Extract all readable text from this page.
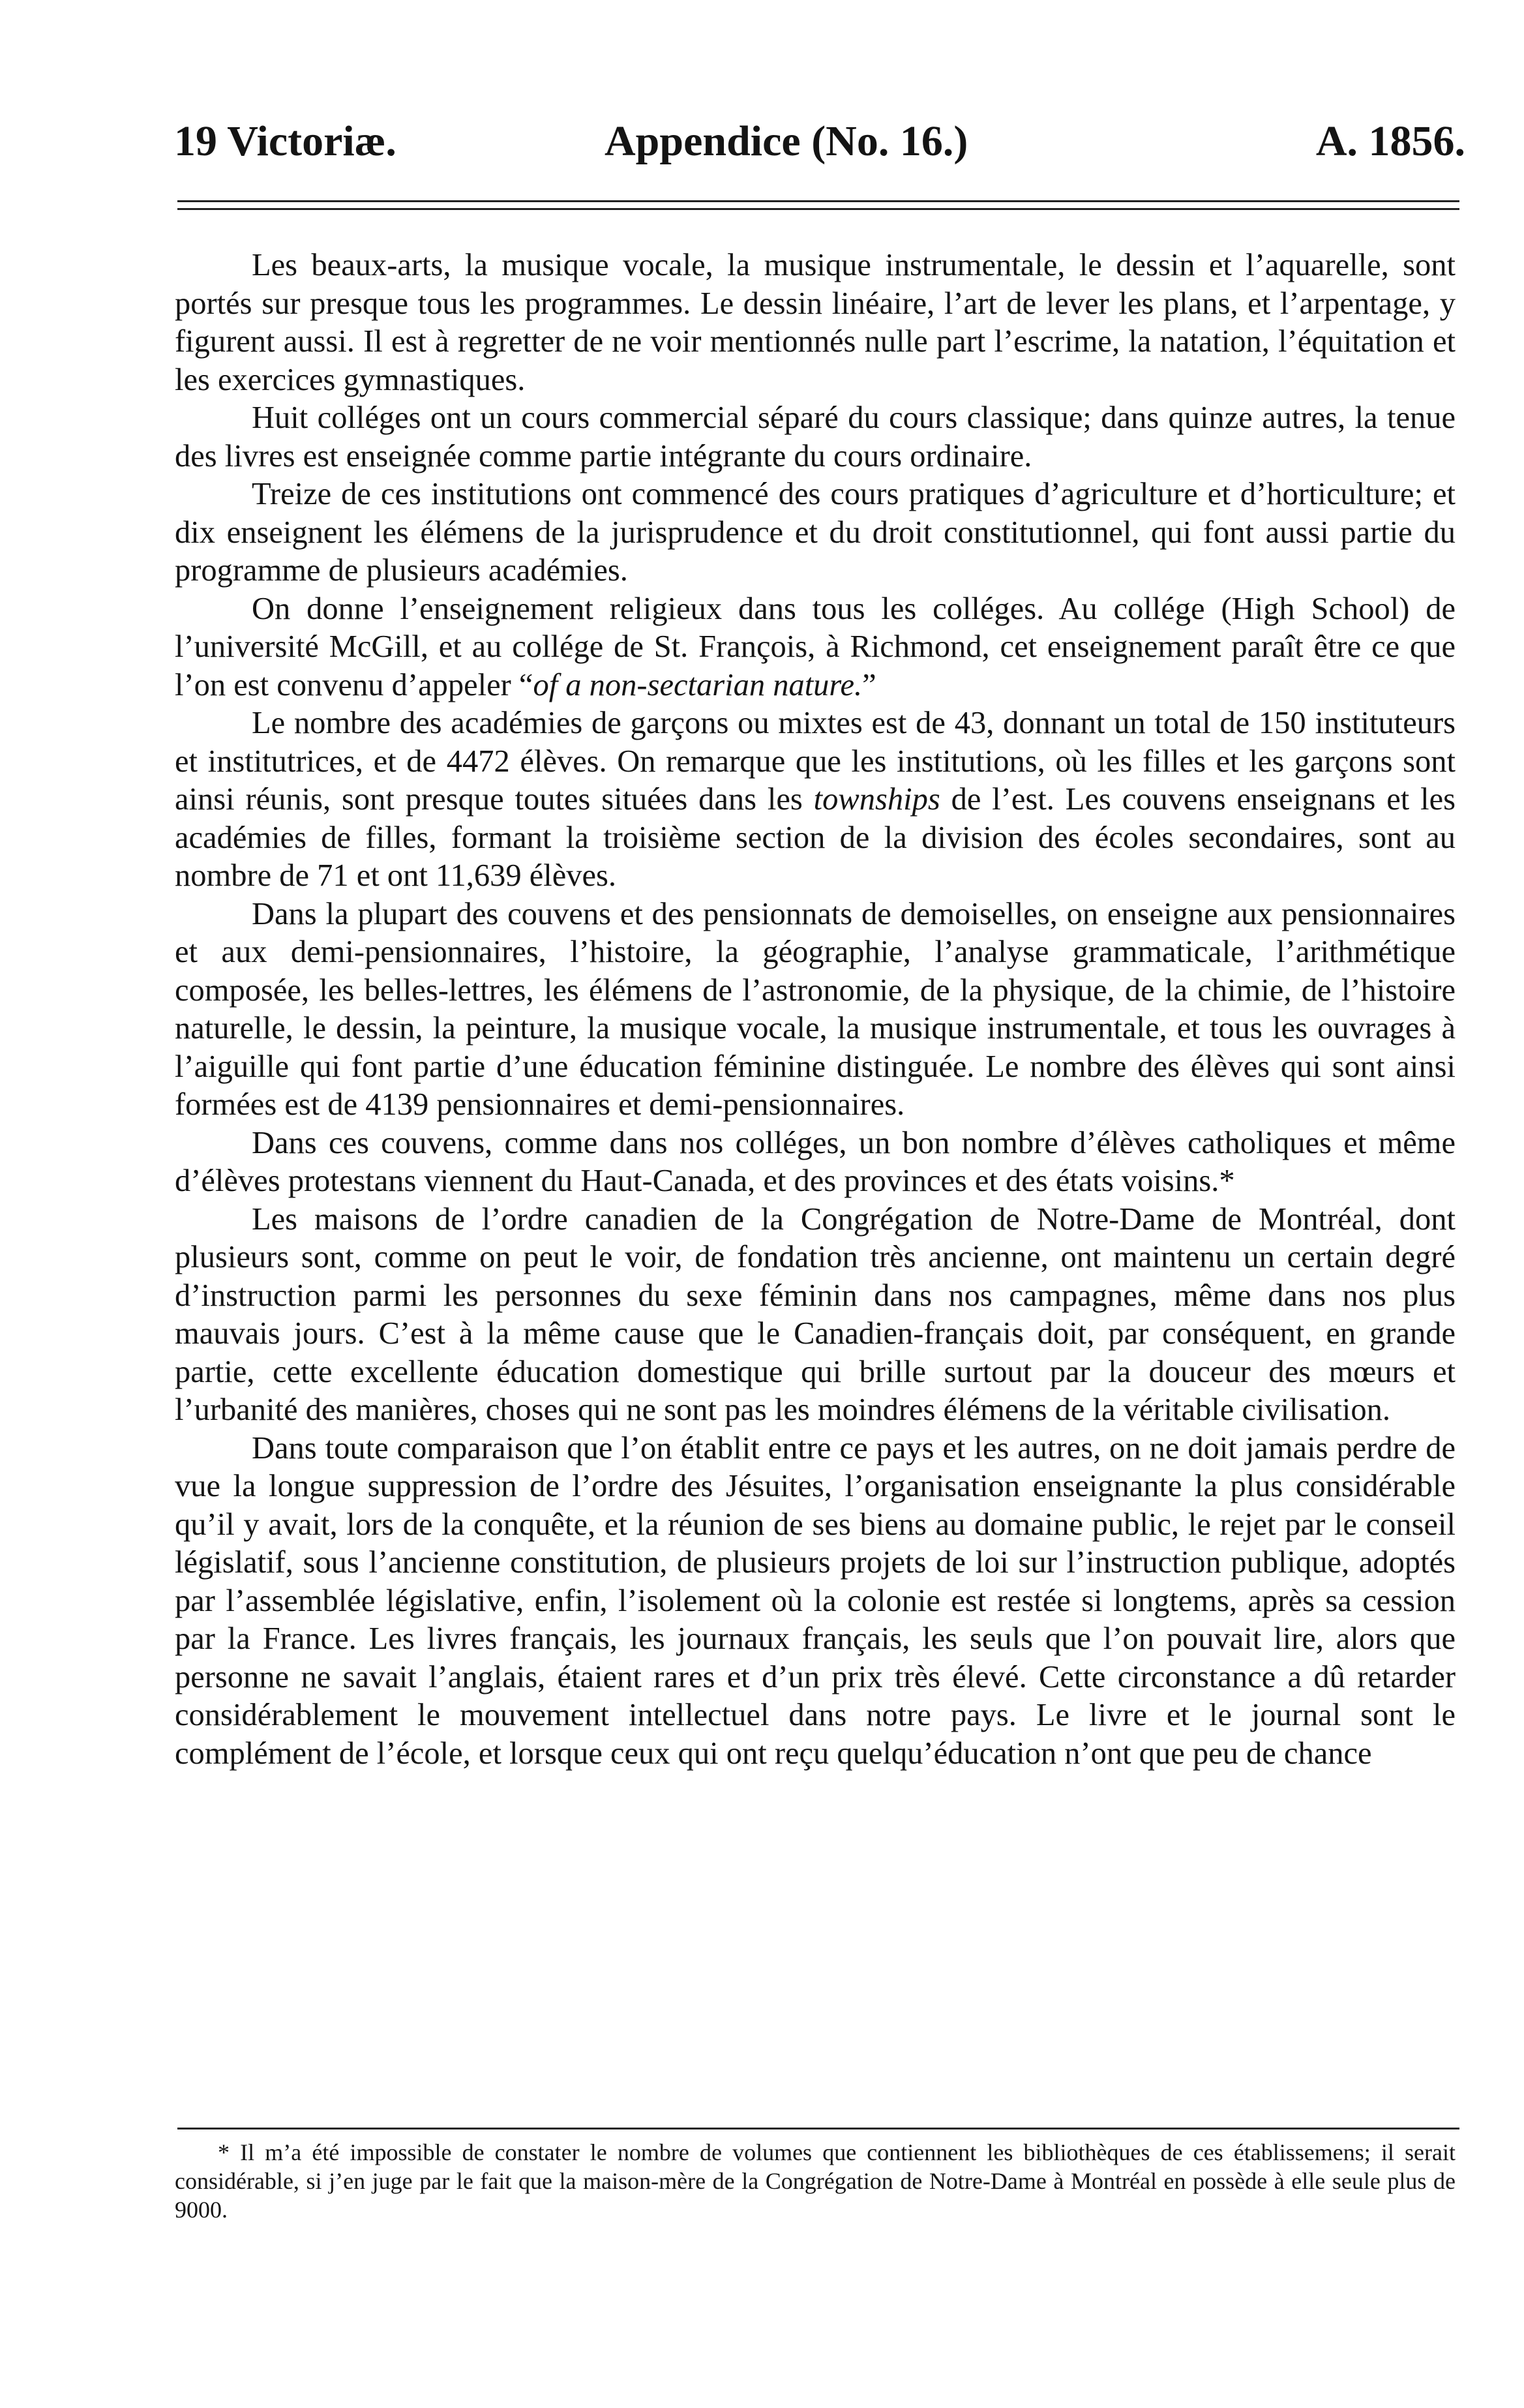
19 Victoriæ.	Appendice (No. 16.)	A. 1856.

Les beaux-arts, la musique vocale, la musique instrumentale, le dessin et l’aquarelle, sont portés sur presque tous les programmes. Le dessin linéaire, l’art de lever les plans, et l’arpentage, y figurent aussi. Il est à regretter de ne voir mentionnés nulle part l’escrime, la natation, l’équitation et les exercices gymnastiques.

Huit colléges ont un cours commercial séparé du cours classique; dans quinze autres, la tenue des livres est enseignée comme partie intégrante du cours ordinaire.

Treize de ces institutions ont commencé des cours pratiques d’agriculture et d’horticulture; et dix enseignent les élémens de la jurisprudence et du droit constitutionnel, qui font aussi partie du programme de plusieurs académies.

On donne l’enseignement religieux dans tous les colléges. Au collége (High School) de l’université McGill, et au collége de St. François, à Richmond, cet enseignement paraît être ce que l’on est convenu d’appeler “of a non-sectarian nature.”

Le nombre des académies de garçons ou mixtes est de 43, donnant un total de 150 instituteurs et institutrices, et de 4472 élèves. On remarque que les institutions, où les filles et les garçons sont ainsi réunis, sont presque toutes situées dans les townships de l’est. Les couvens enseignans et les académies de filles, formant la troisième section de la division des écoles secondaires, sont au nombre de 71 et ont 11,639 élèves.

Dans la plupart des couvens et des pensionnats de demoiselles, on enseigne aux pensionnaires et aux demi-pensionnaires, l’histoire, la géographie, l’analyse grammaticale, l’arithmétique composée, les belles-lettres, les élémens de l’astronomie, de la physique, de la chimie, de l’histoire naturelle, le dessin, la peinture, la musique vocale, la musique instrumentale, et tous les ouvrages à l’aiguille qui font partie d’une éducation féminine distinguée. Le nombre des élèves qui sont ainsi formées est de 4139 pensionnaires et demi-pensionnaires.

Dans ces couvens, comme dans nos colléges, un bon nombre d’élèves catholiques et même d’élèves protestans viennent du Haut-Canada, et des provinces et des états voisins.*

Les maisons de l’ordre canadien de la Congrégation de Notre-Dame de Montréal, dont plusieurs sont, comme on peut le voir, de fondation très ancienne, ont maintenu un certain degré d’instruction parmi les personnes du sexe féminin dans nos campagnes, même dans nos plus mauvais jours. C’est à la même cause que le Canadien-français doit, par conséquent, en grande partie, cette excellente éducation domestique qui brille surtout par la douceur des mœurs et l’urbanité des manières, choses qui ne sont pas les moindres élémens de la véritable civilisation.

Dans toute comparaison que l’on établit entre ce pays et les autres, on ne doit jamais perdre de vue la longue suppression de l’ordre des Jésuites, l’organisation enseignante la plus considérable qu’il y avait, lors de la conquête, et la réunion de ses biens au domaine public, le rejet par le conseil législatif, sous l’ancienne constitution, de plusieurs projets de loi sur l’instruction publique, adoptés par l’assemblée législative, enfin, l’isolement où la colonie est restée si longtems, après sa cession par la France. Les livres français, les journaux français, les seuls que l’on pouvait lire, alors que personne ne savait l’anglais, étaient rares et d’un prix très élevé. Cette circonstance a dû retarder considérablement le mouvement intellectuel dans notre pays. Le livre et le journal sont le complément de l’école, et lorsque ceux qui ont reçu quelqu’éducation n’ont que peu de chance

* Il m’a été impossible de constater le nombre de volumes que contiennent les bibliothèques de ces établissemens; il serait considérable, si j’en juge par le fait que la maison-mère de la Congrégation de Notre-Dame à Montréal en possède à elle seule plus de 9000.
